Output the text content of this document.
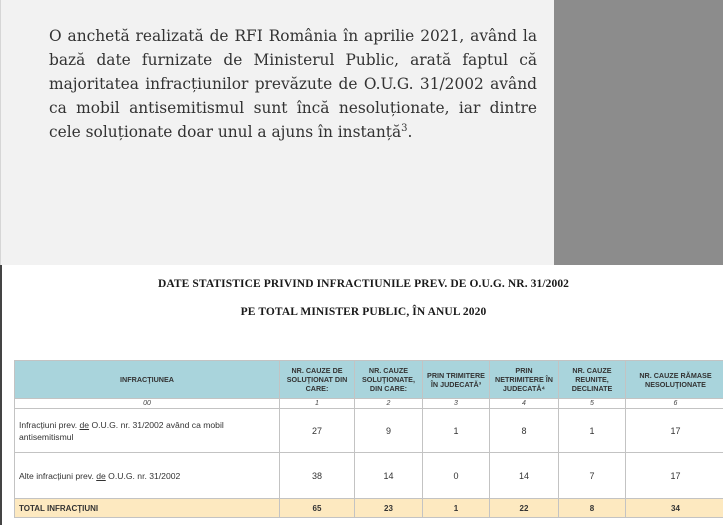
O anchetă realizată de RFI România în aprilie 2021, având la bază date furnizate de Ministerul Public, arată faptul că majoritatea infracțiunilor prevăzute de O.U.G. 31/2002 având ca mobil antisemitismul sunt încă nesoluționate, iar dintre cele soluționate doar unul a ajuns în instanță$^3$.

DATE STATISTICE PRIVIND INFRACTIUNILE PREV. DE O.U.G. NR. 31/2002
PE TOTAL MINISTER PUBLIC, ÎN ANUL 2020
INFRACŢIUNEA	NR. CAUZE DE SOLUŢIONAT DIN CARE:	NR. CAUZE SOLUŢIONATE, DIN CARE:	PRIN TRIMITERE ÎN JUDECATĂ³	PRIN NETRIMITERE ÎN JUDECATĂ⁴	NR. CAUZE REUNITE, DECLINATE	NR. CAUZE RĂMASE NESOLUŢIONATE
00	1	2	3	4	5	6
Infracțiuni prev. de O.U.G. nr. 31/2002 având ca mobil antisemitismul	27	9	1	8	1	17
Alte infracțiuni prev. de O.U.G. nr. 31/2002	38	14	0	14	7	17
TOTAL INFRACŢIUNI	65	23	1	22	8	34
